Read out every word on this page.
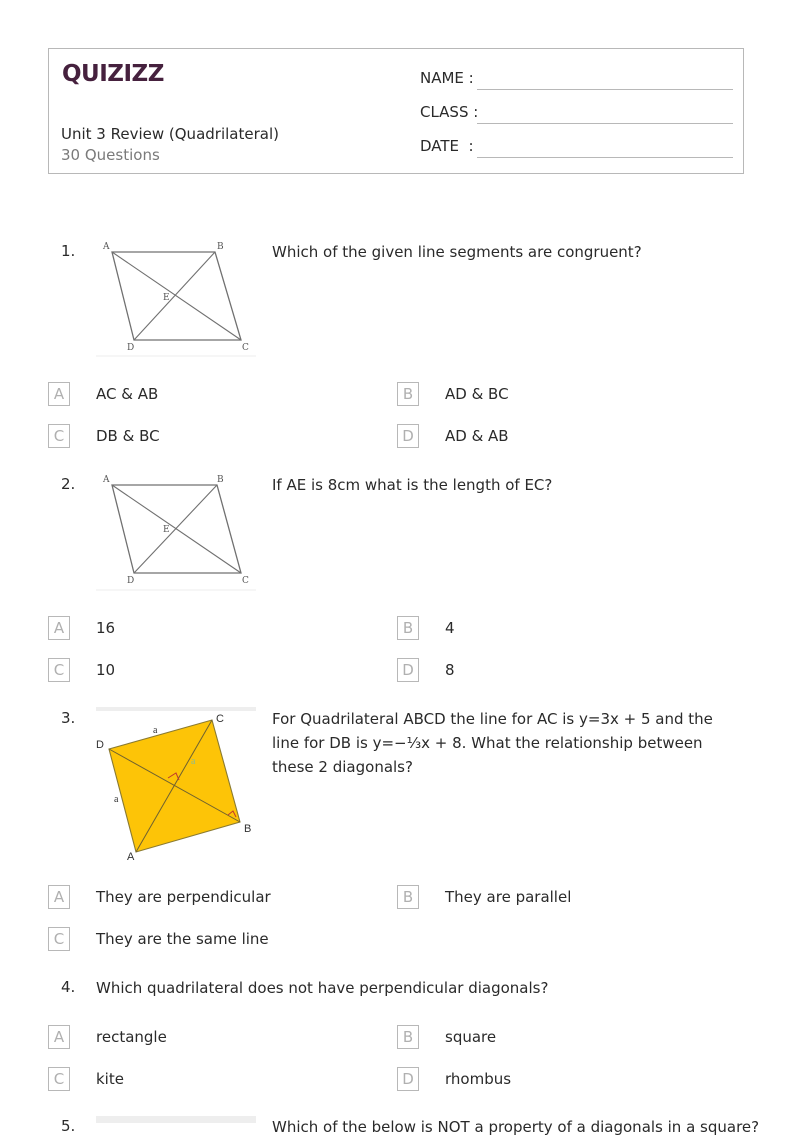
QUIZIZZ
Unit 3 Review (Quadrilateral)
30 Questions
NAME :
CLASS :
DATE  :
1.	A	B
C
D
E
Which of the given line segments are congruent?
A	AC & AB	B	AD & BC
C	DB & BC	D	AD & AB
2.	A	B
C
D
E
If AE is 8cm what is the length of EC?
A	16	B	4
C	10	D	8
3.
D
C
B
A
a
a
a
For Quadrilateral ABCD the line for AC is y=3x + 5 and the line for DB is y=−⅓x + 8. What the relationship between these 2 diagonals?
A	They are perpendicular	B	They are parallel
C	They are the same line
4. Which quadrilateral does not have perpendicular diagonals?
A	rectangle	B	square
C	kite	D	rhombus
5.	Which of the below is NOT a property of a diagonals in a square?
